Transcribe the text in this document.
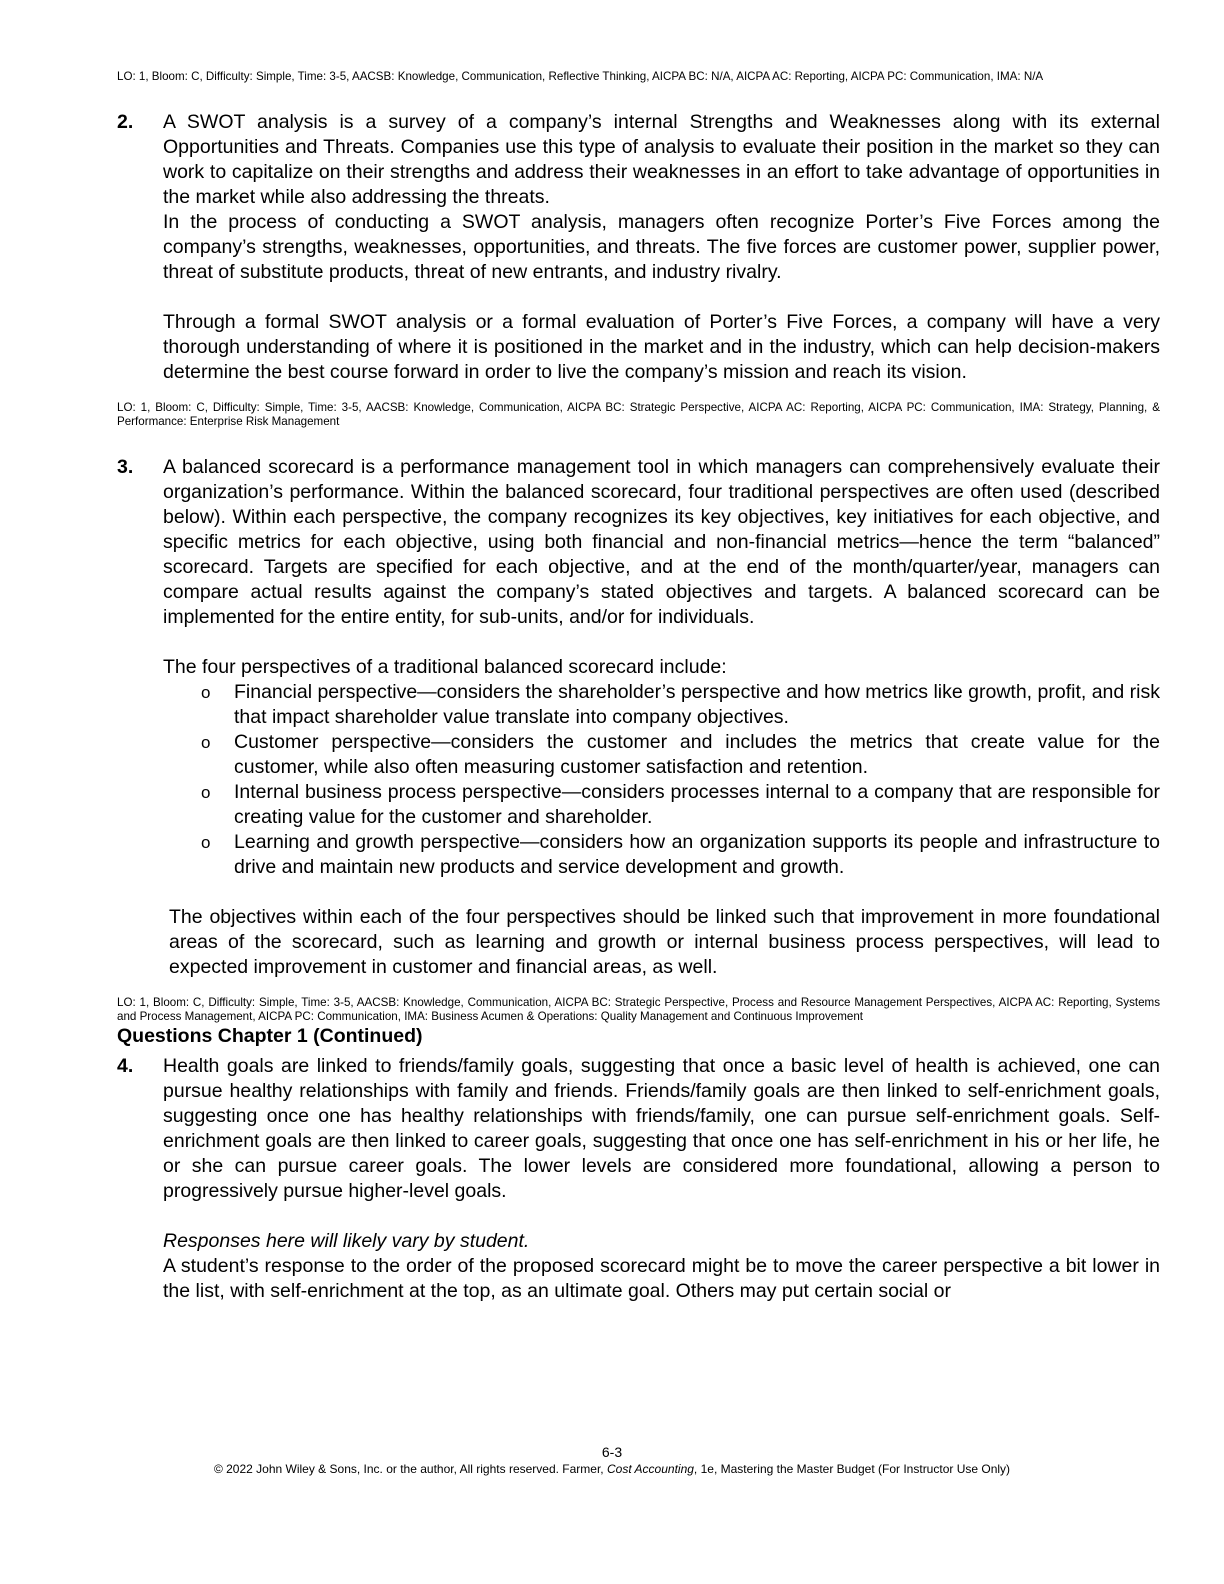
LO: 1, Bloom: C, Difficulty: Simple, Time: 3-5, AACSB: Knowledge, Communication, Reflective Thinking, AICPA BC: N/A, AICPA AC: Reporting, AICPA PC: Communication, IMA: N/A

2.	A SWOT analysis is a survey of a company’s internal Strengths and Weaknesses along with its external Opportunities and Threats. Companies use this type of analysis to evaluate their position in the market so they can work to capitalize on their strengths and address their weaknesses in an effort to take advantage of opportunities in the market while also addressing the threats.

In the process of conducting a SWOT analysis, managers often recognize Porter’s Five Forces among the company’s strengths, weaknesses, opportunities, and threats. The five forces are customer power, supplier power, threat of substitute products, threat of new entrants, and industry rivalry.

Through a formal SWOT analysis or a formal evaluation of Porter’s Five Forces, a company will have a very thorough understanding of where it is positioned in the market and in the industry, which can help decision-makers determine the best course forward in order to live the company’s mission and reach its vision.

LO: 1, Bloom: C, Difficulty: Simple, Time: 3-5, AACSB: Knowledge, Communication, AICPA BC: Strategic Perspective, AICPA AC: Reporting, AICPA PC: Communication, IMA: Strategy, Planning, & Performance: Enterprise Risk Management

3.	A balanced scorecard is a performance management tool in which managers can comprehensively evaluate their organization’s performance. Within the balanced scorecard, four traditional perspectives are often used (described below). Within each perspective, the company recognizes its key objectives, key initiatives for each objective, and specific metrics for each objective, using both financial and non-financial metrics—hence the term “balanced” scorecard. Targets are specified for each objective, and at the end of the month/quarter/year, managers can compare actual results against the company’s stated objectives and targets. A balanced scorecard can be implemented for the entire entity, for sub-units, and/or for individuals.

The four perspectives of a traditional balanced scorecard include:

o	Financial perspective—considers the shareholder’s perspective and how metrics like growth, profit, and risk that impact shareholder value translate into company objectives.
o	Customer perspective—considers the customer and includes the metrics that create value for the customer, while also often measuring customer satisfaction and retention.
o	Internal business process perspective—considers processes internal to a company that are responsible for creating value for the customer and shareholder.
o	Learning and growth perspective—considers how an organization supports its people and infrastructure to drive and maintain new products and service development and growth.

The objectives within each of the four perspectives should be linked such that improvement in more foundational areas of the scorecard, such as learning and growth or internal business process perspectives, will lead to expected improvement in customer and financial areas, as well.

LO: 1, Bloom: C, Difficulty: Simple, Time: 3-5, AACSB: Knowledge, Communication, AICPA BC: Strategic Perspective, Process and Resource Management Perspectives, AICPA AC: Reporting, Systems and Process Management, AICPA PC: Communication, IMA: Business Acumen & Operations: Quality Management and Continuous Improvement

Questions Chapter 1 (Continued)
4.	Health goals are linked to friends/family goals, suggesting that once a basic level of health is achieved, one can pursue healthy relationships with family and friends. Friends/family goals are then linked to self-enrichment goals, suggesting once one has healthy relationships with friends/family, one can pursue self-enrichment goals. Self-enrichment goals are then linked to career goals, suggesting that once one has self-enrichment in his or her life, he or she can pursue career goals. The lower levels are considered more foundational, allowing a person to progressively pursue higher-level goals.

Responses here will likely vary by student.

A student’s response to the order of the proposed scorecard might be to move the career perspective a bit lower in the list, with self-enrichment at the top, as an ultimate goal. Others may put certain social or

6-3
© 2022 John Wiley & Sons, Inc. or the author, All rights reserved. Farmer, Cost Accounting, 1e, Mastering the Master Budget (For Instructor Use Only)
